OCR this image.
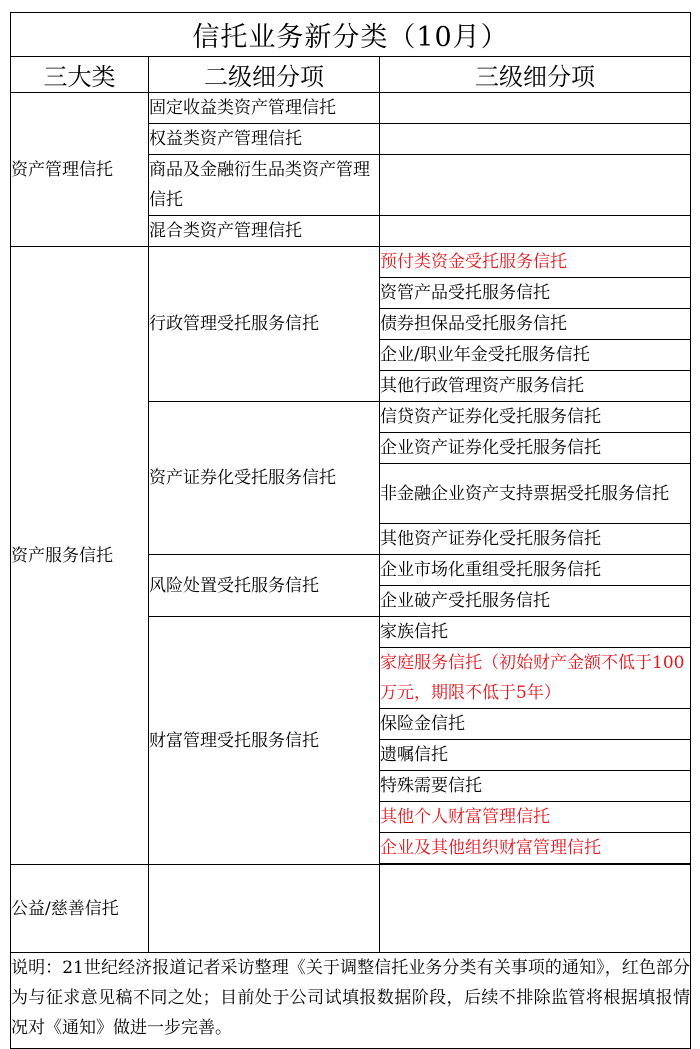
信托业务新分类（10月）		
三大类	二级细分项	三级细分项
资产管理信托	固定收益类资产管理信托	
	权益类资产管理信托	
	商品及金融衍生品类资产管理信托	
	混合类资产管理信托	
资产服务信托	行政管理受托服务信托	预付类资金受托服务信托
		资管产品受托服务信托
		债券担保品受托服务信托
		企业/职业年金受托服务信托
		其他行政管理资产服务信托
	资产证券化受托服务信托	信贷资产证券化受托服务信托
		企业资产证券化受托服务信托
		非金融企业资产支持票据受托服务信托
		其他资产证券化受托服务信托
	风险处置受托服务信托	企业市场化重组受托服务信托
		企业破产受托服务信托
	财富管理受托服务信托	家族信托
		家庭服务信托（初始财产金额不低于100万元，期限不低于5年）
		保险金信托
		遗嘱信托
		特殊需要信托
		其他个人财富管理信托
		企业及其他组织财富管理信托

公益/慈善信托		
说明：21世纪经济报道记者采访整理《关于调整信托业务分类有关事项的通知》，红色部分为与征求意见稿不同之处；目前处于公司试填报数据阶段，后续不排除监管将根据填报情况对《通知》做进一步完善。		
